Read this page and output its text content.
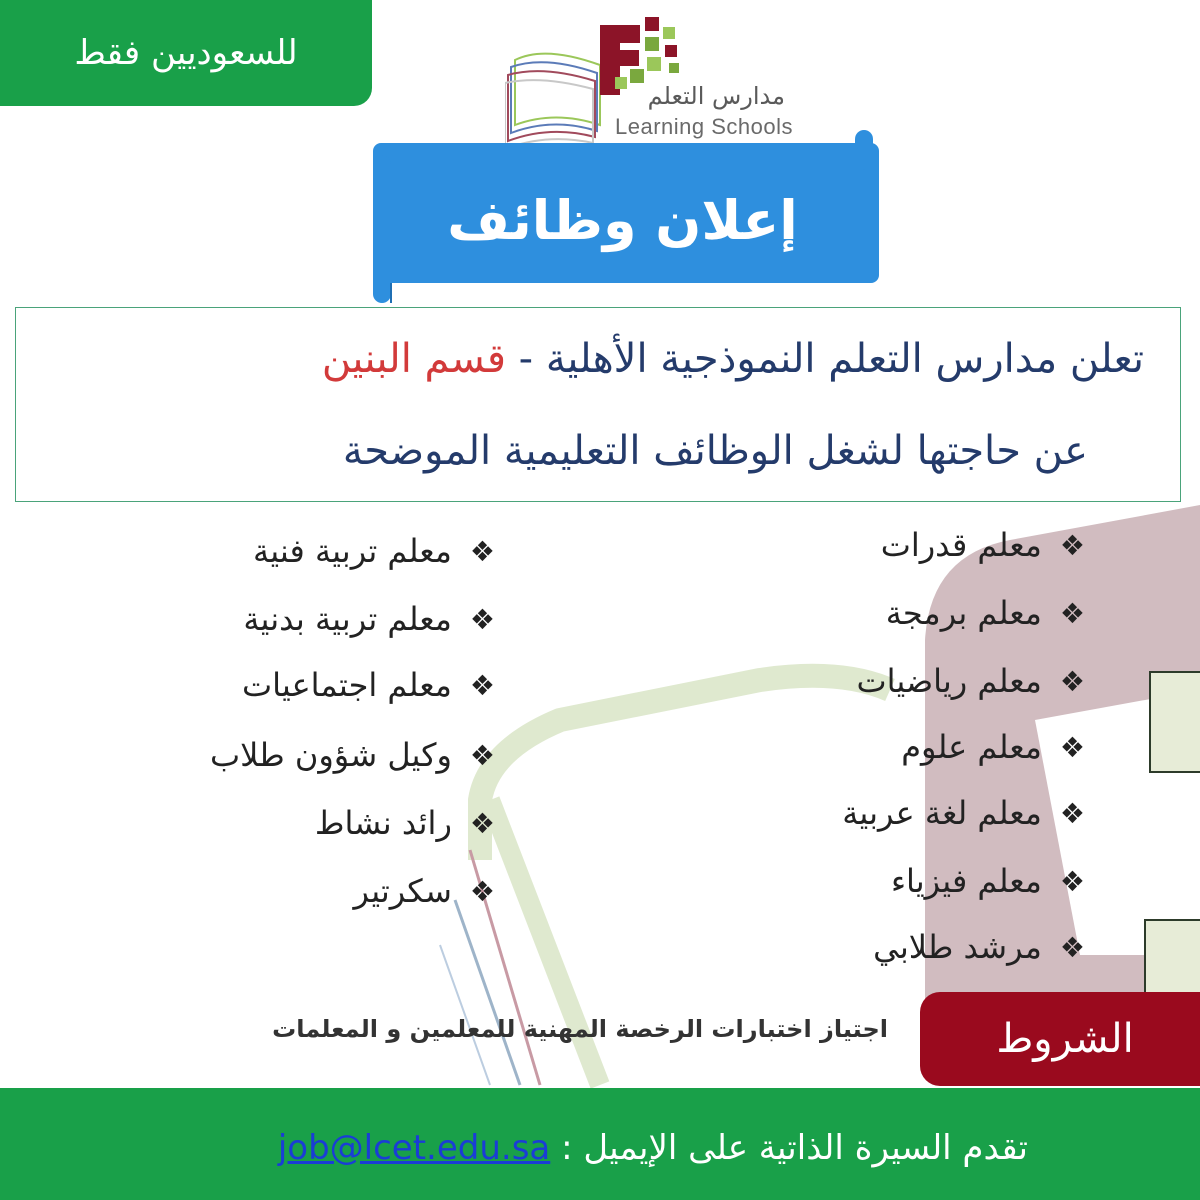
للسعوديين فقط
مدارس التعلم
Learning Schools
إعلان وظائف
تعلن مدارس التعلم النموذجية الأهلية - قسم البنين
عن حاجتها لشغل الوظائف التعليمية الموضحة
❖
معلم قدرات
❖
معلم برمجة
❖
معلم رياضيات
❖
معلم علوم
❖
معلم لغة عربية
❖
معلم فيزياء
❖
مرشد طلابي
❖
معلم تربية فنية
❖
معلم تربية بدنية
❖
معلم اجتماعيات
❖
وكيل شؤون طلاب
❖
رائد نشاط
❖
سكرتير
الشروط
اجتياز اختبارات الرخصة المهنية للمعلمين و المعلمات
تقدم السيرة الذاتية على الإيميل : job@lcet.edu.sa
